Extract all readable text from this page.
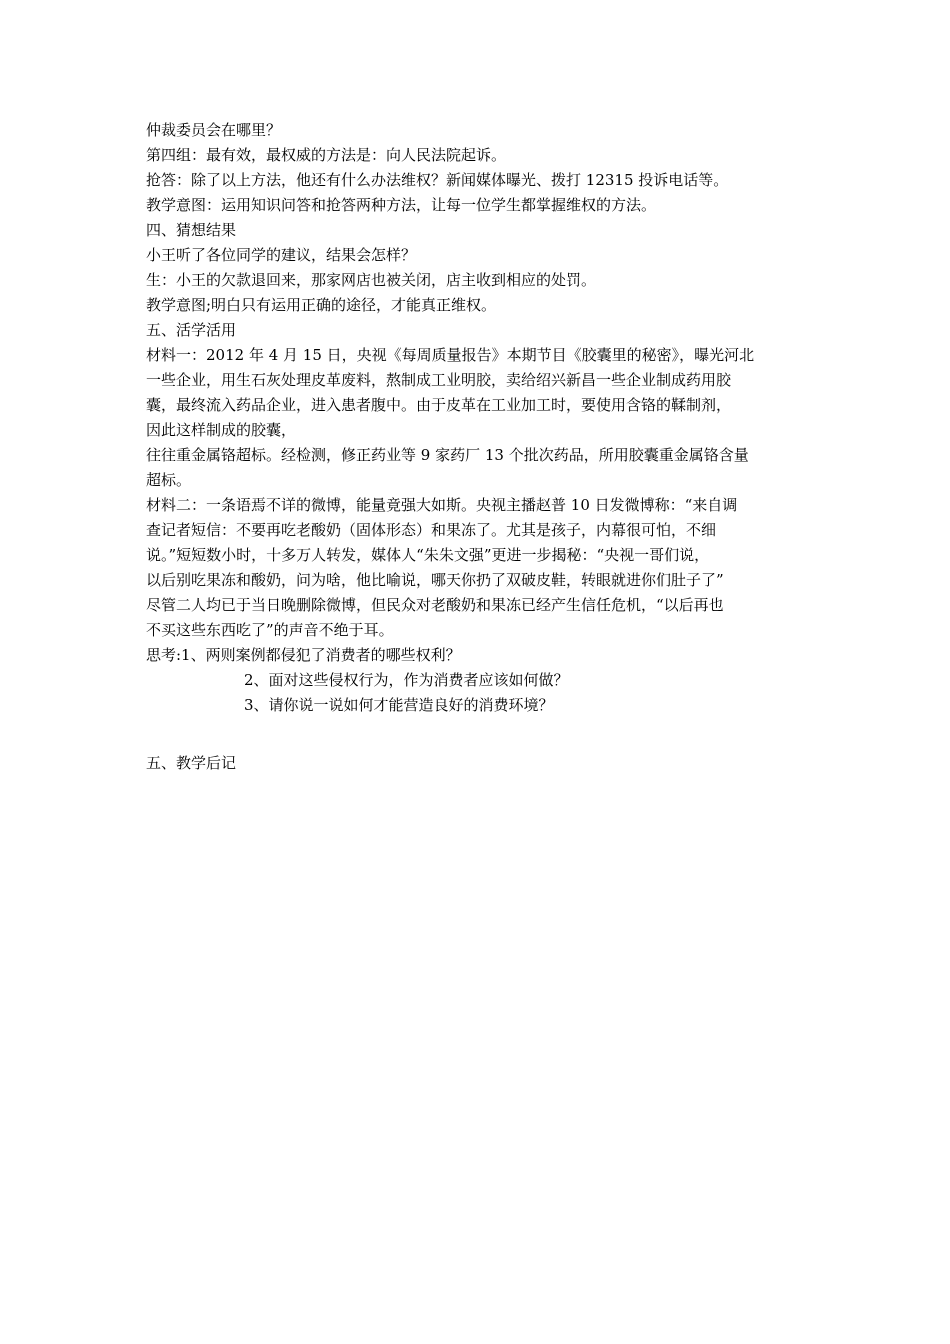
仲裁委员会在哪里？
第四组：最有效，最权威的方法是：向人民法院起诉。
抢答：除了以上方法，他还有什么办法维权？新闻媒体曝光、拨打 12315 投诉电话等。
教学意图：运用知识问答和抢答两种方法，让每一位学生都掌握维权的方法。
四、猜想结果
小王听了各位同学的建议，结果会怎样？
生：小王的欠款退回来，那家网店也被关闭，店主收到相应的处罚。
教学意图;明白只有运用正确的途径，才能真正维权。
五、活学活用
材料一：2012 年 4 月 15 日，央视《每周质量报告》本期节目《胶囊里的秘密》，曝光河北
一些企业，用生石灰处理皮革废料，熬制成工业明胶，卖给绍兴新昌一些企业制成药用胶
囊，最终流入药品企业，进入患者腹中。由于皮革在工业加工时，要使用含铬的鞣制剂，
因此这样制成的胶囊，
往往重金属铬超标。经检测，修正药业等 9 家药厂 13 个批次药品，所用胶囊重金属铬含量
超标。
材料二：一条语焉不详的微博，能量竟强大如斯。央视主播赵普 10 日发微博称：“来自调
查记者短信：不要再吃老酸奶（固体形态）和果冻了。尤其是孩子，内幕很可怕，不细
说。”短短数小时，十多万人转发，媒体人“朱朱文强”更进一步揭秘：“央视一哥们说，
以后别吃果冻和酸奶，问为啥，他比喻说，哪天你扔了双破皮鞋，转眼就进你们肚子了”
尽管二人均已于当日晚删除微博，但民众对老酸奶和果冻已经产生信任危机，“以后再也
不买这些东西吃了”的声音不绝于耳。
思考:1、两则案例都侵犯了消费者的哪些权利？
2、面对这些侵权行为，作为消费者应该如何做？
3、请你说一说如何才能营造良好的消费环境？
五、教学后记
